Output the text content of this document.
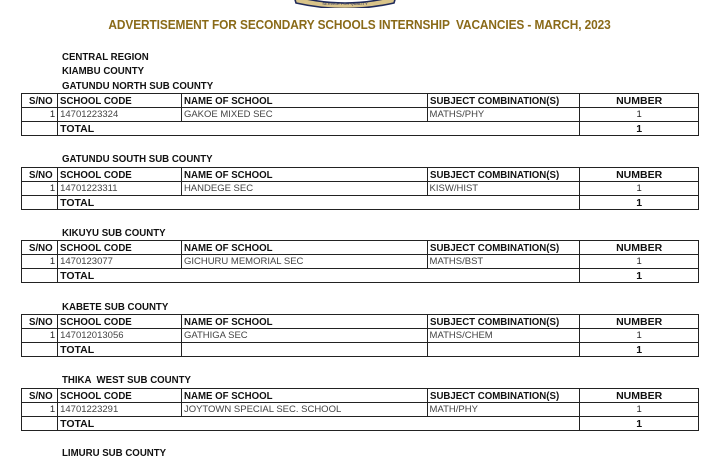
SERVICE FOR QUALITY
ADVERTISEMENT FOR SECONDARY SCHOOLS INTERNSHIP  VACANCIES - MARCH, 2023
CENTRAL REGION
KIAMBU COUNTY
GATUNDU NORTH SUB COUNTY
S/NO	SCHOOL CODE	NAME OF SCHOOL	SUBJECT COMBINATION(S)	NUMBER
1	14701223324	GAKOE MIXED SEC	MATHS/PHY	1
	TOTAL			1
GATUNDU SOUTH SUB COUNTY
S/NO	SCHOOL CODE	NAME OF SCHOOL	SUBJECT COMBINATION(S)	NUMBER
1	14701223311	HANDEGE SEC	KISW/HIST	1
	TOTAL			1
KIKUYU SUB COUNTY
S/NO	SCHOOL CODE	NAME OF SCHOOL	SUBJECT COMBINATION(S)	NUMBER
1	1470123077	GICHURU MEMORIAL SEC	MATHS/BST	1
	TOTAL			1
KABETE SUB COUNTY
S/NO	SCHOOL CODE	NAME OF SCHOOL	SUBJECT COMBINATION(S)	NUMBER
1	147012013056	GATHIGA SEC	MATHS/CHEM	1
	TOTAL			1
THIKA  WEST SUB COUNTY
S/NO	SCHOOL CODE	NAME OF SCHOOL	SUBJECT COMBINATION(S)	NUMBER
1	14701223291	JOYTOWN SPECIAL SEC. SCHOOL	MATH/PHY	1
	TOTAL			1
LIMURU SUB COUNTY
